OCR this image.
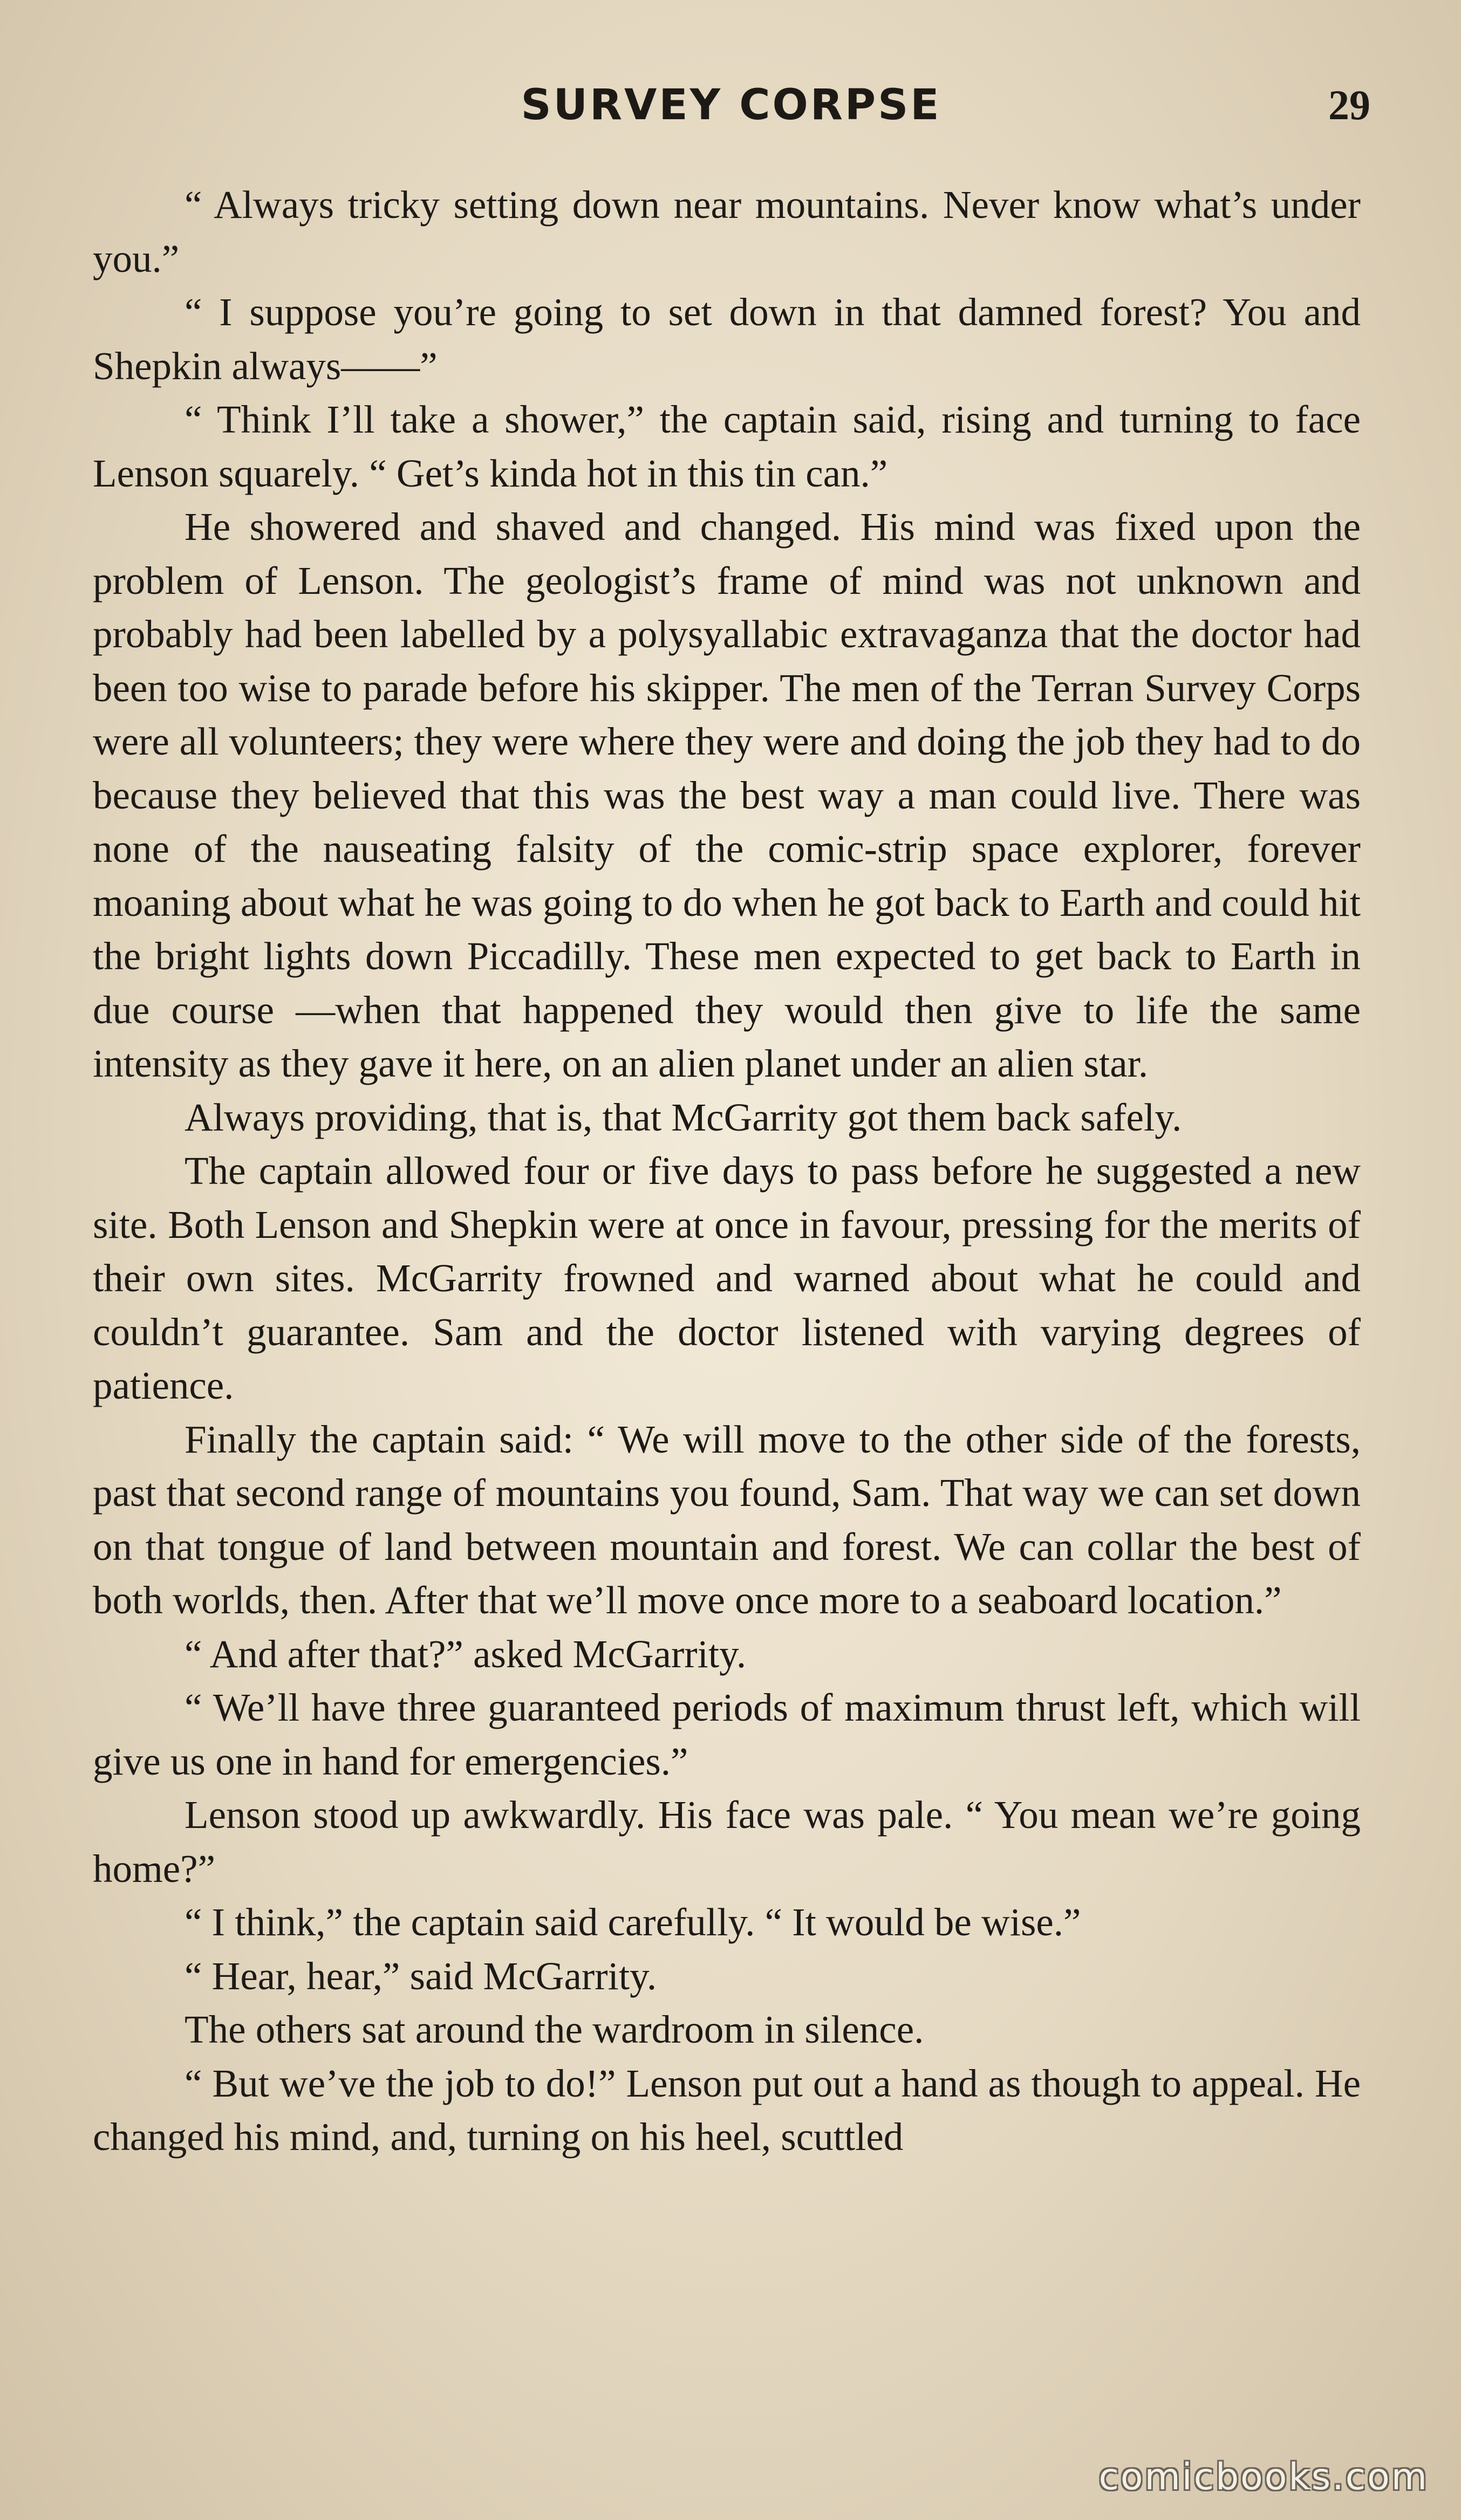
SURVEY CORPSE	29

“ Always tricky setting down near mountains. Never know what’s under you.”

“ I suppose you’re going to set down in that damned forest? You and Shepkin always——”

“ Think I’ll take a shower,” the captain said, rising and turning to face Lenson squarely. “ Get’s kinda hot in this tin can.”

He showered and shaved and changed. His mind was fixed upon the problem of Lenson. The geologist’s frame of mind was not unknown and probably had been labelled by a polysyallabic extravaganza that the doctor had been too wise to parade before his skipper. The men of the Terran Survey Corps were all volunteers; they were where they were and doing the job they had to do because they believed that this was the best way a man could live. There was none of the nauseating falsity of the comic-strip space explorer, forever moaning about what he was going to do when he got back to Earth and could hit the bright lights down Piccadilly. These men expected to get back to Earth in due course —when that happened they would then give to life the same intensity as they gave it here, on an alien planet under an alien star.

Always providing, that is, that McGarrity got them back safely.

The captain allowed four or five days to pass before he suggested a new site. Both Lenson and Shepkin were at once in favour, pressing for the merits of their own sites. McGarrity frowned and warned about what he could and couldn’t guarantee. Sam and the doctor listened with varying degrees of patience.

Finally the captain said: “ We will move to the other side of the forests, past that second range of mountains you found, Sam. That way we can set down on that tongue of land between mountain and forest. We can collar the best of both worlds, then. After that we’ll move once more to a seaboard location.”

“ And after that?” asked McGarrity.

“ We’ll have three guaranteed periods of maximum thrust left, which will give us one in hand for emergencies.”

Lenson stood up awkwardly. His face was pale. “ You mean we’re going home?”

“ I think,” the captain said carefully. “ It would be wise.”

“ Hear, hear,” said McGarrity.

The others sat around the wardroom in silence.

“ But we’ve the job to do!” Lenson put out a hand as though to appeal. He changed his mind, and, turning on his heel, scuttled

comicbooks.com
